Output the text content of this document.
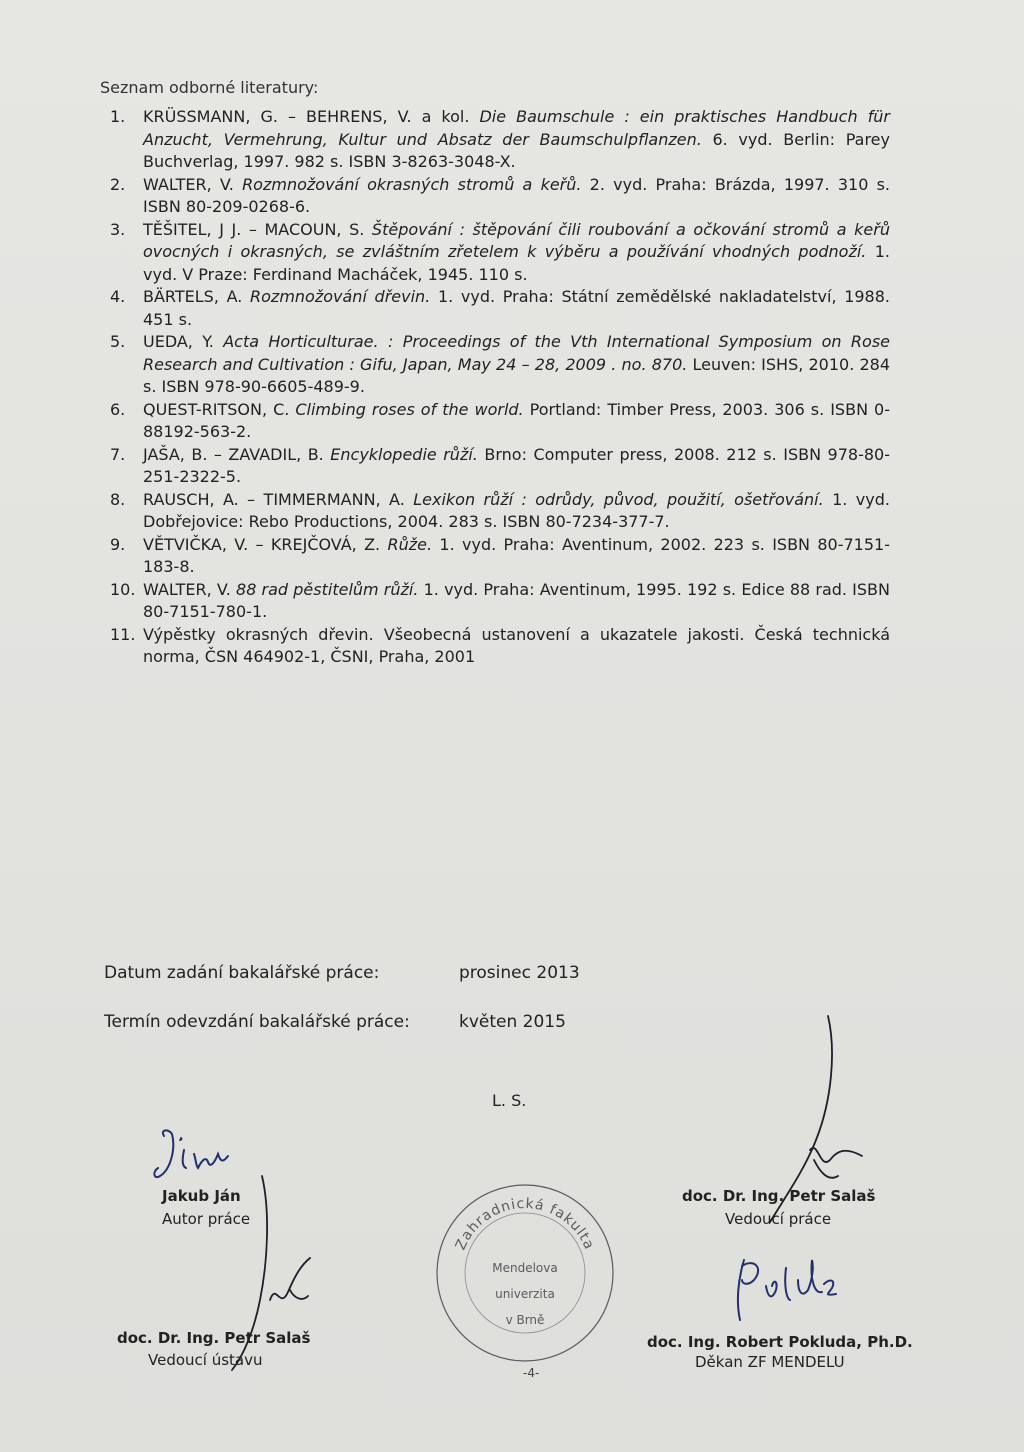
Seznam odborné literatury:
1.	KRÜSSMANN, G. – BEHRENS, V. a kol. Die Baumschule : ein praktisches Handbuch für Anzucht, Vermehrung, Kultur und Absatz der Baumschulpflanzen. 6. vyd. Berlin: Parey Buchverlag, 1997. 982 s. ISBN 3-8263-3048-X.
2.	WALTER, V. Rozmnožování okrasných stromů a keřů. 2. vyd. Praha: Brázda, 1997. 310 s. ISBN 80-209-0268-6.
3.	TĚŠITEL, J J. – MACOUN, S. Štěpování : štěpování čili roubování a očkování stromů a keřů ovocných i okrasných, se zvláštním zřetelem k výběru a používání vhodných podnoží. 1. vyd. V Praze: Ferdinand Macháček, 1945. 110 s.
4.	BÄRTELS, A. Rozmnožování dřevin. 1. vyd. Praha: Státní zemědělské nakladatelství, 1988. 451 s.
5.	UEDA, Y. Acta Horticulturae. : Proceedings of the Vth International Symposium on Rose Research and Cultivation : Gifu, Japan, May 24 – 28, 2009 . no. 870. Leuven: ISHS, 2010. 284 s. ISBN 978-90-6605-489-9.
6.	QUEST-RITSON, C. Climbing roses of the world. Portland: Timber Press, 2003. 306 s. ISBN 0-88192-563-2.
7.	JAŠA, B. – ZAVADIL, B. Encyklopedie růží. Brno: Computer press, 2008. 212 s. ISBN 978-80-251-2322-5.
8.	RAUSCH, A. – TIMMERMANN, A. Lexikon růží : odrůdy, původ, použití, ošetřování. 1. vyd. Dobřejovice: Rebo Productions, 2004. 283 s. ISBN 80-7234-377-7.
9.	VĚTVIČKA, V. – KREJČOVÁ, Z. Růže. 1. vyd. Praha: Aventinum, 2002. 223 s. ISBN 80-7151-183-8.
10. WALTER, V. 88 rad pěstitelům růží. 1. vyd. Praha: Aventinum, 1995. 192 s. Edice 88 rad. ISBN 80-7151-780-1.
11. Výpěstky okrasných dřevin. Všeobecná ustanovení a ukazatele jakosti. Česká technická norma, ČSN 464902-1, ČSNI, Praha, 2001
Datum zadání bakalářské práce:	prosinec 2013
Termín odevzdání bakalářské práce:	květen 2015
L. S.
Jakub Ján
Autor práce
doc. Dr. Ing. Petr Salaš
Vedoucí ústavu
doc. Dr. Ing. Petr Salaš
Vedoucí práce
doc. Ing. Robert Pokluda, Ph.D.
Děkan ZF MENDELU
Zahradnická fakulta
Mendelova
univerzita
v Brně
-4-
